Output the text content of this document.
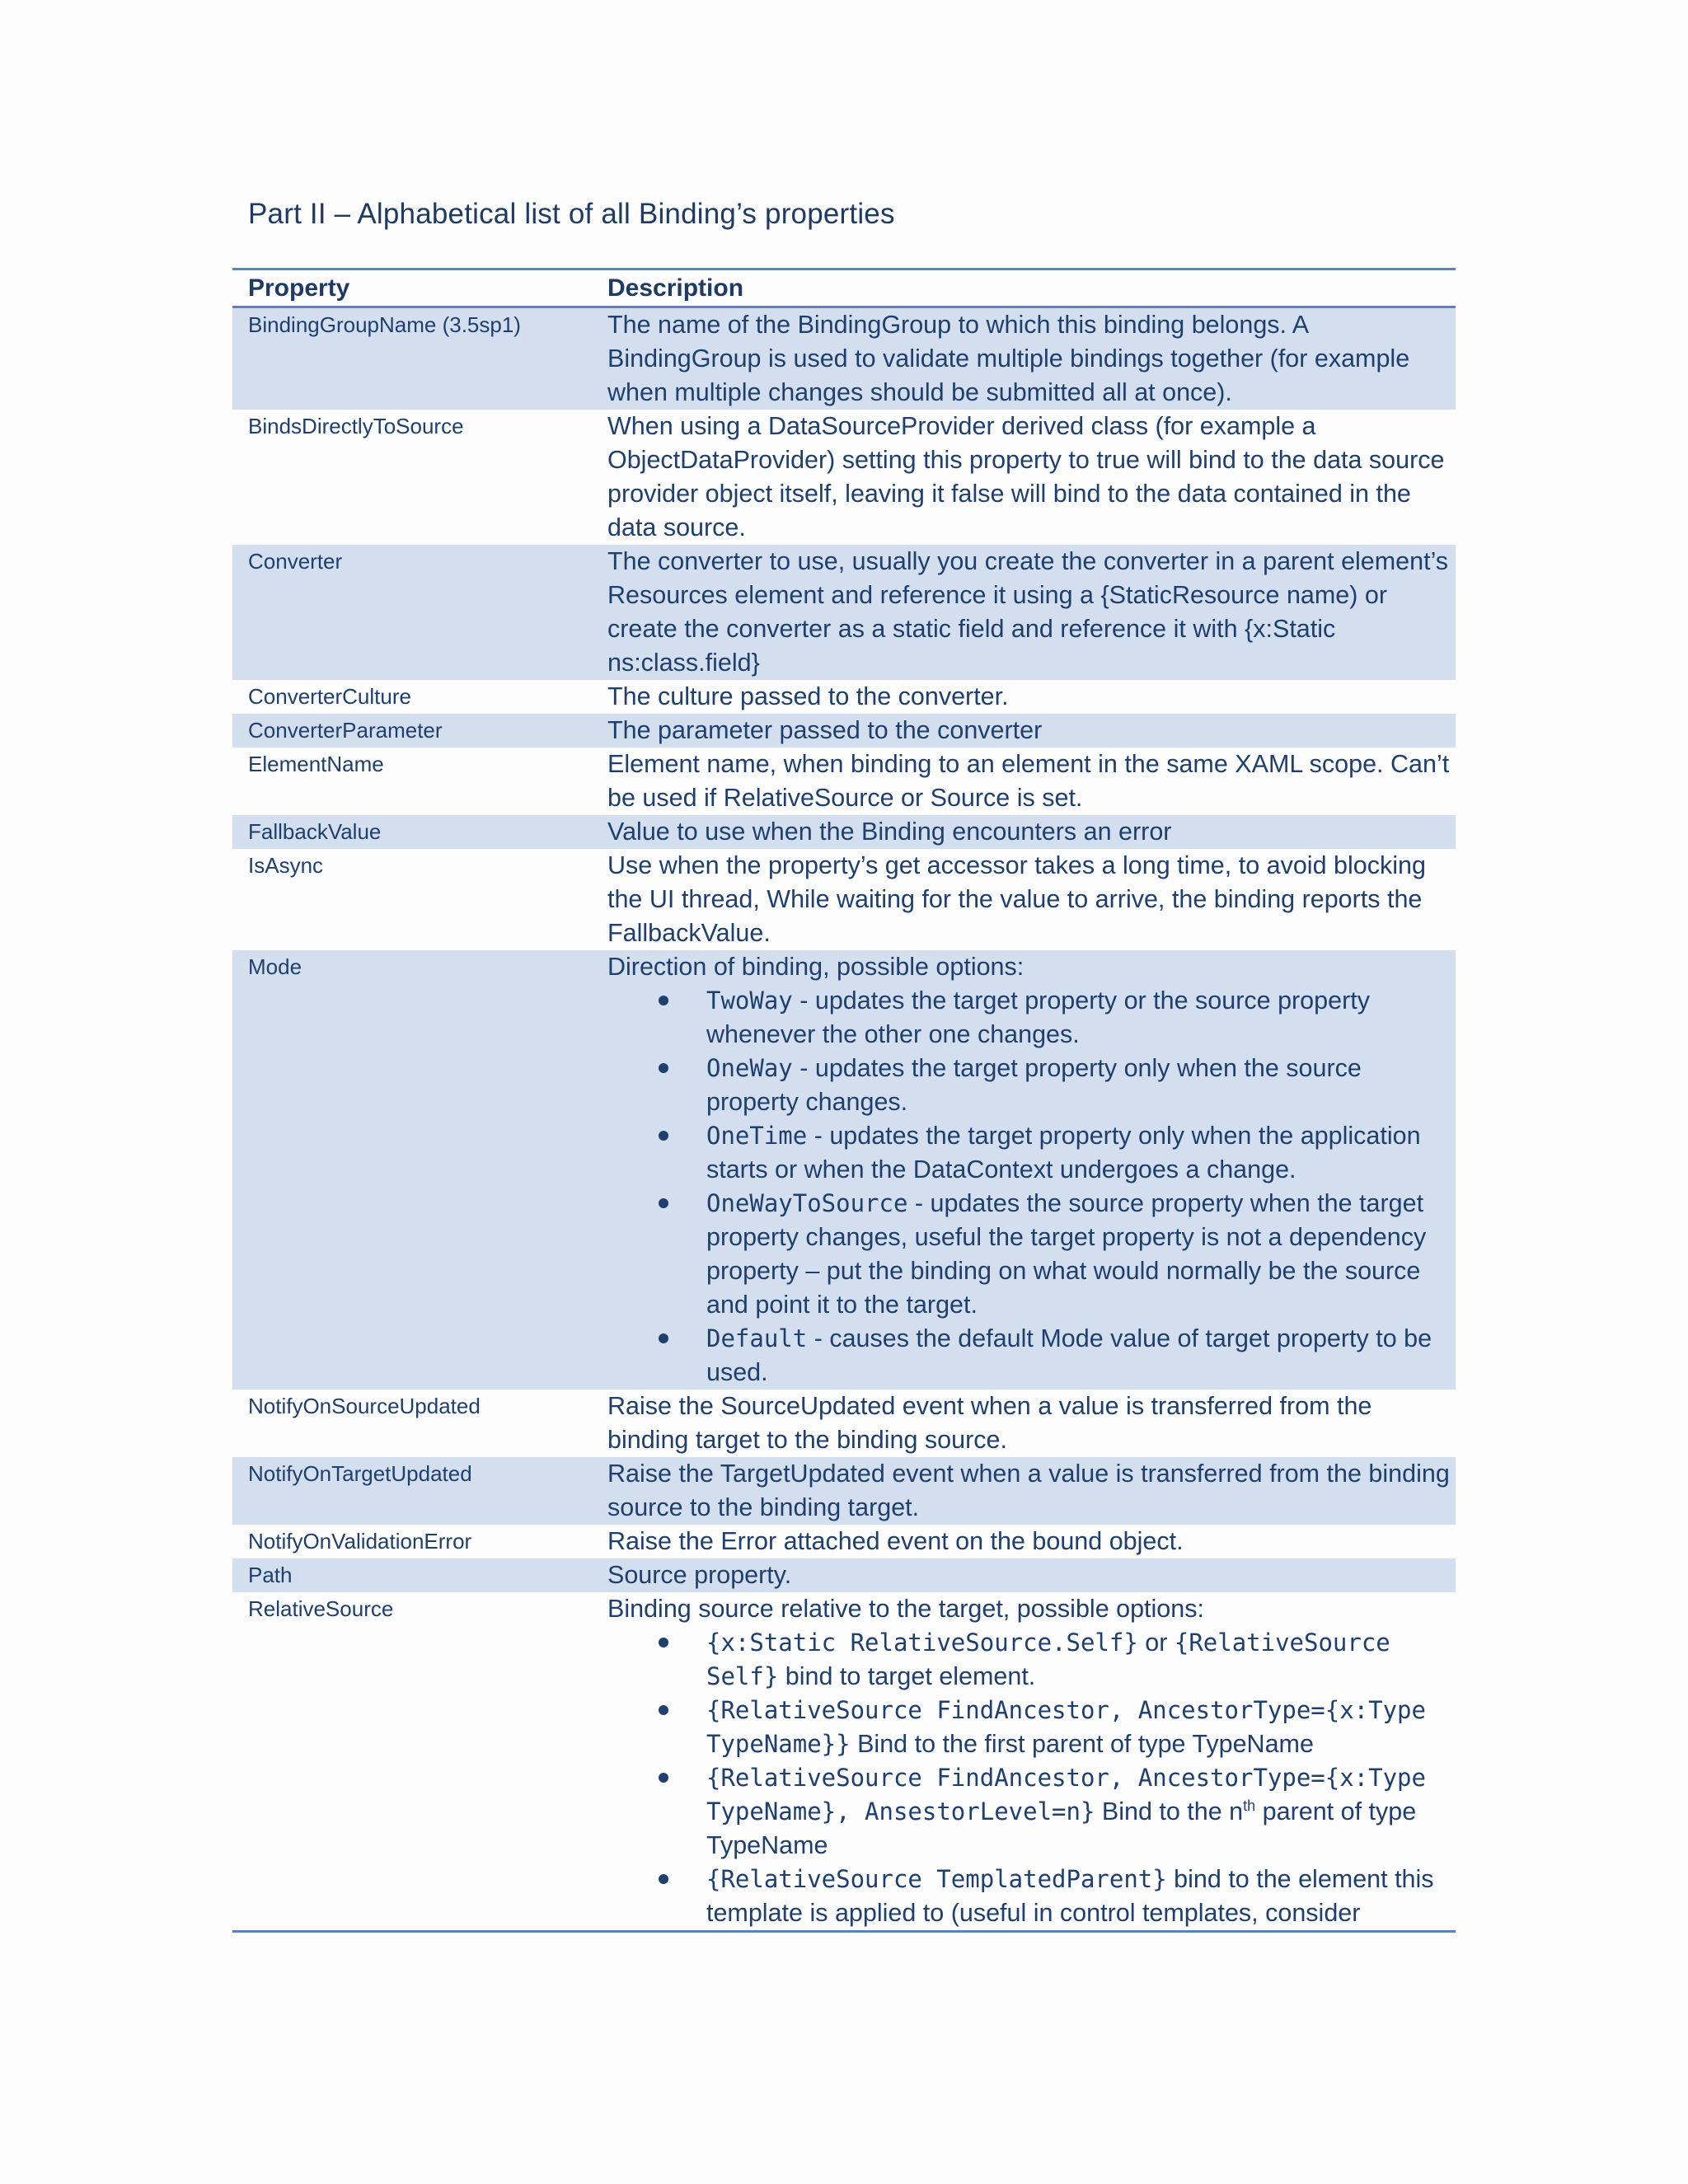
Part II – Alphabetical list of all Binding’s properties
Property	Description
BindingGroupName (3.5sp1)	The name of the BindingGroup to which this binding belongs. A BindingGroup is used to validate multiple bindings together (for example when multiple changes should be submitted all at once).
BindsDirectlyToSource	When using a DataSourceProvider derived class (for example a ObjectDataProvider) setting this property to true will bind to the data source provider object itself, leaving it false will bind to the data contained in the data source.
Converter	The converter to use, usually you create the converter in a parent element’s Resources element and reference it using a {StaticResource name) or create the converter as a static field and reference it with {x:Static ns:class.field}
ConverterCulture	The culture passed to the converter.
ConverterParameter	The parameter passed to the converter
ElementName	Element name, when binding to an element in the same XAML scope. Can’t be used if RelativeSource or Source is set.
FallbackValue	Value to use when the Binding encounters an error
IsAsync	Use when the property’s get accessor takes a long time, to avoid blocking the UI thread, While waiting for the value to arrive, the binding reports the FallbackValue.
Mode	Direction of binding, possible options:
TwoWay - updates the target property or the source property whenever the other one changes.
OneWay - updates the target property only when the source property changes.
OneTime - updates the target property only when the application starts or when the DataContext undergoes a change.
OneWayToSource - updates the source property when the target property changes, useful the target property is not a dependency property – put the binding on what would normally be the source and point it to the target.
Default - causes the default Mode value of target property to be used.
NotifyOnSourceUpdated	Raise the SourceUpdated event when a value is transferred from the binding target to the binding source.
NotifyOnTargetUpdated	Raise the TargetUpdated event when a value is transferred from the binding source to the binding target.
NotifyOnValidationError	Raise the Error attached event on the bound object.
Path	Source property.
RelativeSource	Binding source relative to the target, possible options:
{x:Static RelativeSource.Self} or {RelativeSource Self} bind to target element.
{RelativeSource FindAncestor, AncestorType={x:Type TypeName}} Bind to the first parent of type TypeName
{RelativeSource FindAncestor, AncestorType={x:Type TypeName}, AnsestorLevel=n} Bind to the $n^{th}$ parent of type TypeName
{RelativeSource TemplatedParent} bind to the element this template is applied to (useful in control templates, consider
